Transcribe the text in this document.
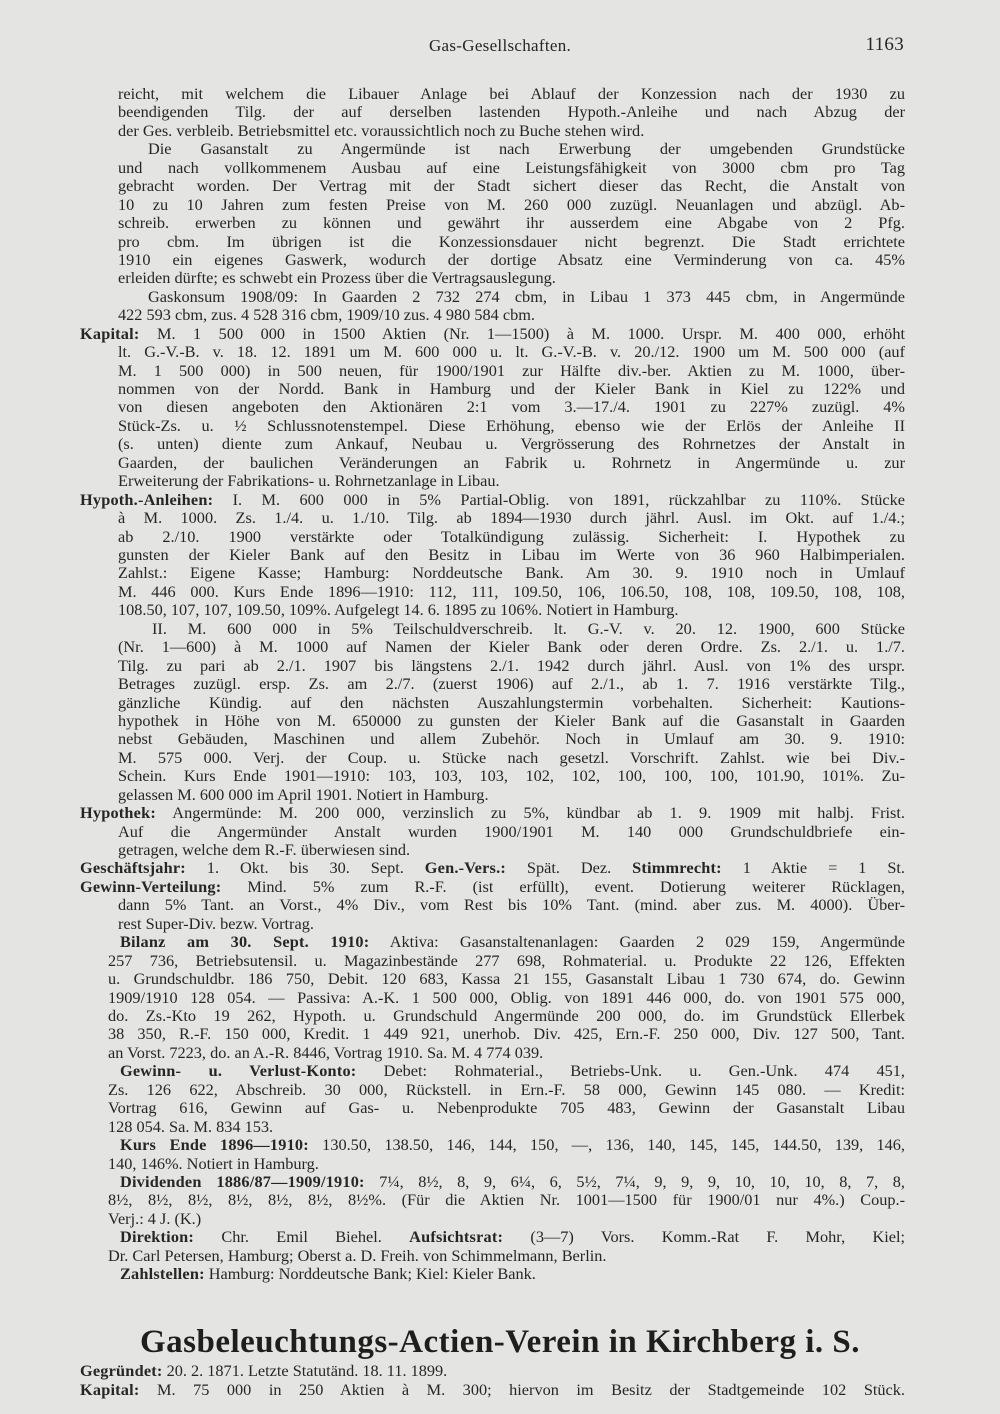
Gas-Gesellschaften.	1163
reicht, mit welchem die Libauer Anlage bei Ablauf der Konzession nach der 1930 zu
beendigenden Tilg. der auf derselben lastenden Hypoth.-Anleihe und nach Abzug der
der Ges. verbleib. Betriebsmittel etc. voraussichtlich noch zu Buche stehen wird.
Die Gasanstalt zu Angermünde ist nach Erwerbung der umgebenden Grundstücke
und nach vollkommenem Ausbau auf eine Leistungsfähigkeit von 3000 cbm pro Tag
gebracht worden. Der Vertrag mit der Stadt sichert dieser das Recht, die Anstalt von
10 zu 10 Jahren zum festen Preise von M. 260 000 zuzügl. Neuanlagen und abzügl. Ab-
schreib. erwerben zu können und gewährt ihr ausserdem eine Abgabe von 2 Pfg.
pro cbm. Im übrigen ist die Konzessionsdauer nicht begrenzt. Die Stadt errichtete
1910 ein eigenes Gaswerk, wodurch der dortige Absatz eine Verminderung von ca. 45%
erleiden dürfte; es schwebt ein Prozess über die Vertragsauslegung.
Gaskonsum 1908/09: In Gaarden 2 732 274 cbm, in Libau 1 373 445 cbm, in Angermünde
422 593 cbm, zus. 4 528 316 cbm, 1909/10 zus. 4 980 584 cbm.
Kapital: M. 1 500 000 in 1500 Aktien (Nr. 1—1500) à M. 1000. Urspr. M. 400 000, erhöht
lt. G.-V.-B. v. 18. 12. 1891 um M. 600 000 u. lt. G.-V.-B. v. 20./12. 1900 um M. 500 000 (auf
M. 1 500 000) in 500 neuen, für 1900/1901 zur Hälfte div.-ber. Aktien zu M. 1000, über-
nommen von der Nordd. Bank in Hamburg und der Kieler Bank in Kiel zu 122% und
von diesen angeboten den Aktionären 2:1 vom 3.—17./4. 1901 zu 227% zuzügl. 4%
Stück-Zs. u. ½ Schlussnotenstempel. Diese Erhöhung, ebenso wie der Erlös der Anleihe II
(s. unten) diente zum Ankauf, Neubau u. Vergrösserung des Rohrnetzes der Anstalt in
Gaarden, der baulichen Veränderungen an Fabrik u. Rohrnetz in Angermünde u. zur
Erweiterung der Fabrikations- u. Rohrnetzanlage in Libau.
Hypoth.-Anleihen: I. M. 600 000 in 5% Partial-Oblig. von 1891, rückzahlbar zu 110%. Stücke
à M. 1000. Zs. 1./4. u. 1./10. Tilg. ab 1894—1930 durch jährl. Ausl. im Okt. auf 1./4.;
ab 2./10. 1900 verstärkte oder Totalkündigung zulässig. Sicherheit: I. Hypothek zu
gunsten der Kieler Bank auf den Besitz in Libau im Werte von 36 960 Halbimperialen.
Zahlst.: Eigene Kasse; Hamburg: Norddeutsche Bank. Am 30. 9. 1910 noch in Umlauf
M. 446 000. Kurs Ende 1896—1910: 112, 111, 109.50, 106, 106.50, 108, 108, 109.50, 108, 108,
108.50, 107, 107, 109.50, 109%. Aufgelegt 14. 6. 1895 zu 106%. Notiert in Hamburg.
II. M. 600 000 in 5% Teilschuldverschreib. lt. G.-V. v. 20. 12. 1900, 600 Stücke
(Nr. 1—600) à M. 1000 auf Namen der Kieler Bank oder deren Ordre. Zs. 2./1. u. 1./7.
Tilg. zu pari ab 2./1. 1907 bis längstens 2./1. 1942 durch jährl. Ausl. von 1% des urspr.
Betrages zuzügl. ersp. Zs. am 2./7. (zuerst 1906) auf 2./1., ab 1. 7. 1916 verstärkte Tilg.,
gänzliche Kündig. auf den nächsten Auszahlungstermin vorbehalten. Sicherheit: Kautions-
hypothek in Höhe von M. 650000 zu gunsten der Kieler Bank auf die Gasanstalt in Gaarden
nebst Gebäuden, Maschinen und allem Zubehör. Noch in Umlauf am 30. 9. 1910:
M. 575 000. Verj. der Coup. u. Stücke nach gesetzl. Vorschrift. Zahlst. wie bei Div.-
Schein. Kurs Ende 1901—1910: 103, 103, 103, 102, 102, 100, 100, 100, 101.90, 101%. Zu-
gelassen M. 600 000 im April 1901. Notiert in Hamburg.
Hypothek: Angermünde: M. 200 000, verzinslich zu 5%, kündbar ab 1. 9. 1909 mit halbj. Frist.
Auf die Angermünder Anstalt wurden 1900/1901 M. 140 000 Grundschuldbriefe ein-
getragen, welche dem R.-F. überwiesen sind.
Geschäftsjahr: 1. Okt. bis 30. Sept. Gen.-Vers.: Spät. Dez. Stimmrecht: 1 Aktie = 1 St.
Gewinn-Verteilung: Mind. 5% zum R.-F. (ist erfüllt), event. Dotierung weiterer Rücklagen,
dann 5% Tant. an Vorst., 4% Div., vom Rest bis 10% Tant. (mind. aber zus. M. 4000). Über-
rest Super-Div. bezw. Vortrag.
Bilanz am 30. Sept. 1910: Aktiva: Gasanstaltenanlagen: Gaarden 2 029 159, Angermünde
257 736, Betriebsutensil. u. Magazinbestände 277 698, Rohmaterial. u. Produkte 22 126, Effekten
u. Grundschuldbr. 186 750, Debit. 120 683, Kassa 21 155, Gasanstalt Libau 1 730 674, do. Gewinn
1909/1910 128 054. — Passiva: A.-K. 1 500 000, Oblig. von 1891 446 000, do. von 1901 575 000,
do. Zs.-Kto 19 262, Hypoth. u. Grundschuld Angermünde 200 000, do. im Grundstück Ellerbek
38 350, R.-F. 150 000, Kredit. 1 449 921, unerhob. Div. 425, Ern.-F. 250 000, Div. 127 500, Tant.
an Vorst. 7223, do. an A.-R. 8446, Vortrag 1910. Sa. M. 4 774 039.
Gewinn- u. Verlust-Konto: Debet: Rohmaterial., Betriebs-Unk. u. Gen.-Unk. 474 451,
Zs. 126 622, Abschreib. 30 000, Rückstell. in Ern.-F. 58 000, Gewinn 145 080. — Kredit:
Vortrag 616, Gewinn auf Gas- u. Nebenprodukte 705 483, Gewinn der Gasanstalt Libau
128 054. Sa. M. 834 153.
Kurs Ende 1896—1910: 130.50, 138.50, 146, 144, 150, —, 136, 140, 145, 145, 144.50, 139, 146,
140, 146%. Notiert in Hamburg.
Dividenden 1886/87—1909/1910: 7¼, 8½, 8, 9, 6¼, 6, 5½, 7¼, 9, 9, 9, 10, 10, 10, 8, 7, 8,
8½, 8½, 8½, 8½, 8½, 8½, 8½%. (Für die Aktien Nr. 1001—1500 für 1900/01 nur 4%.) Coup.-
Verj.: 4 J. (K.)
Direktion: Chr. Emil Biehel. Aufsichtsrat: (3—7) Vors. Komm.-Rat F. Mohr, Kiel;
Dr. Carl Petersen, Hamburg; Oberst a. D. Freih. von Schimmelmann, Berlin.
Zahlstellen: Hamburg: Norddeutsche Bank; Kiel: Kieler Bank.
Gasbeleuchtungs-Actien-Verein in Kirchberg i. S.
Gegründet: 20. 2. 1871. Letzte Statutänd. 18. 11. 1899.
Kapital: M. 75 000 in 250 Aktien à M. 300; hiervon im Besitz der Stadtgemeinde 102 Stück.
